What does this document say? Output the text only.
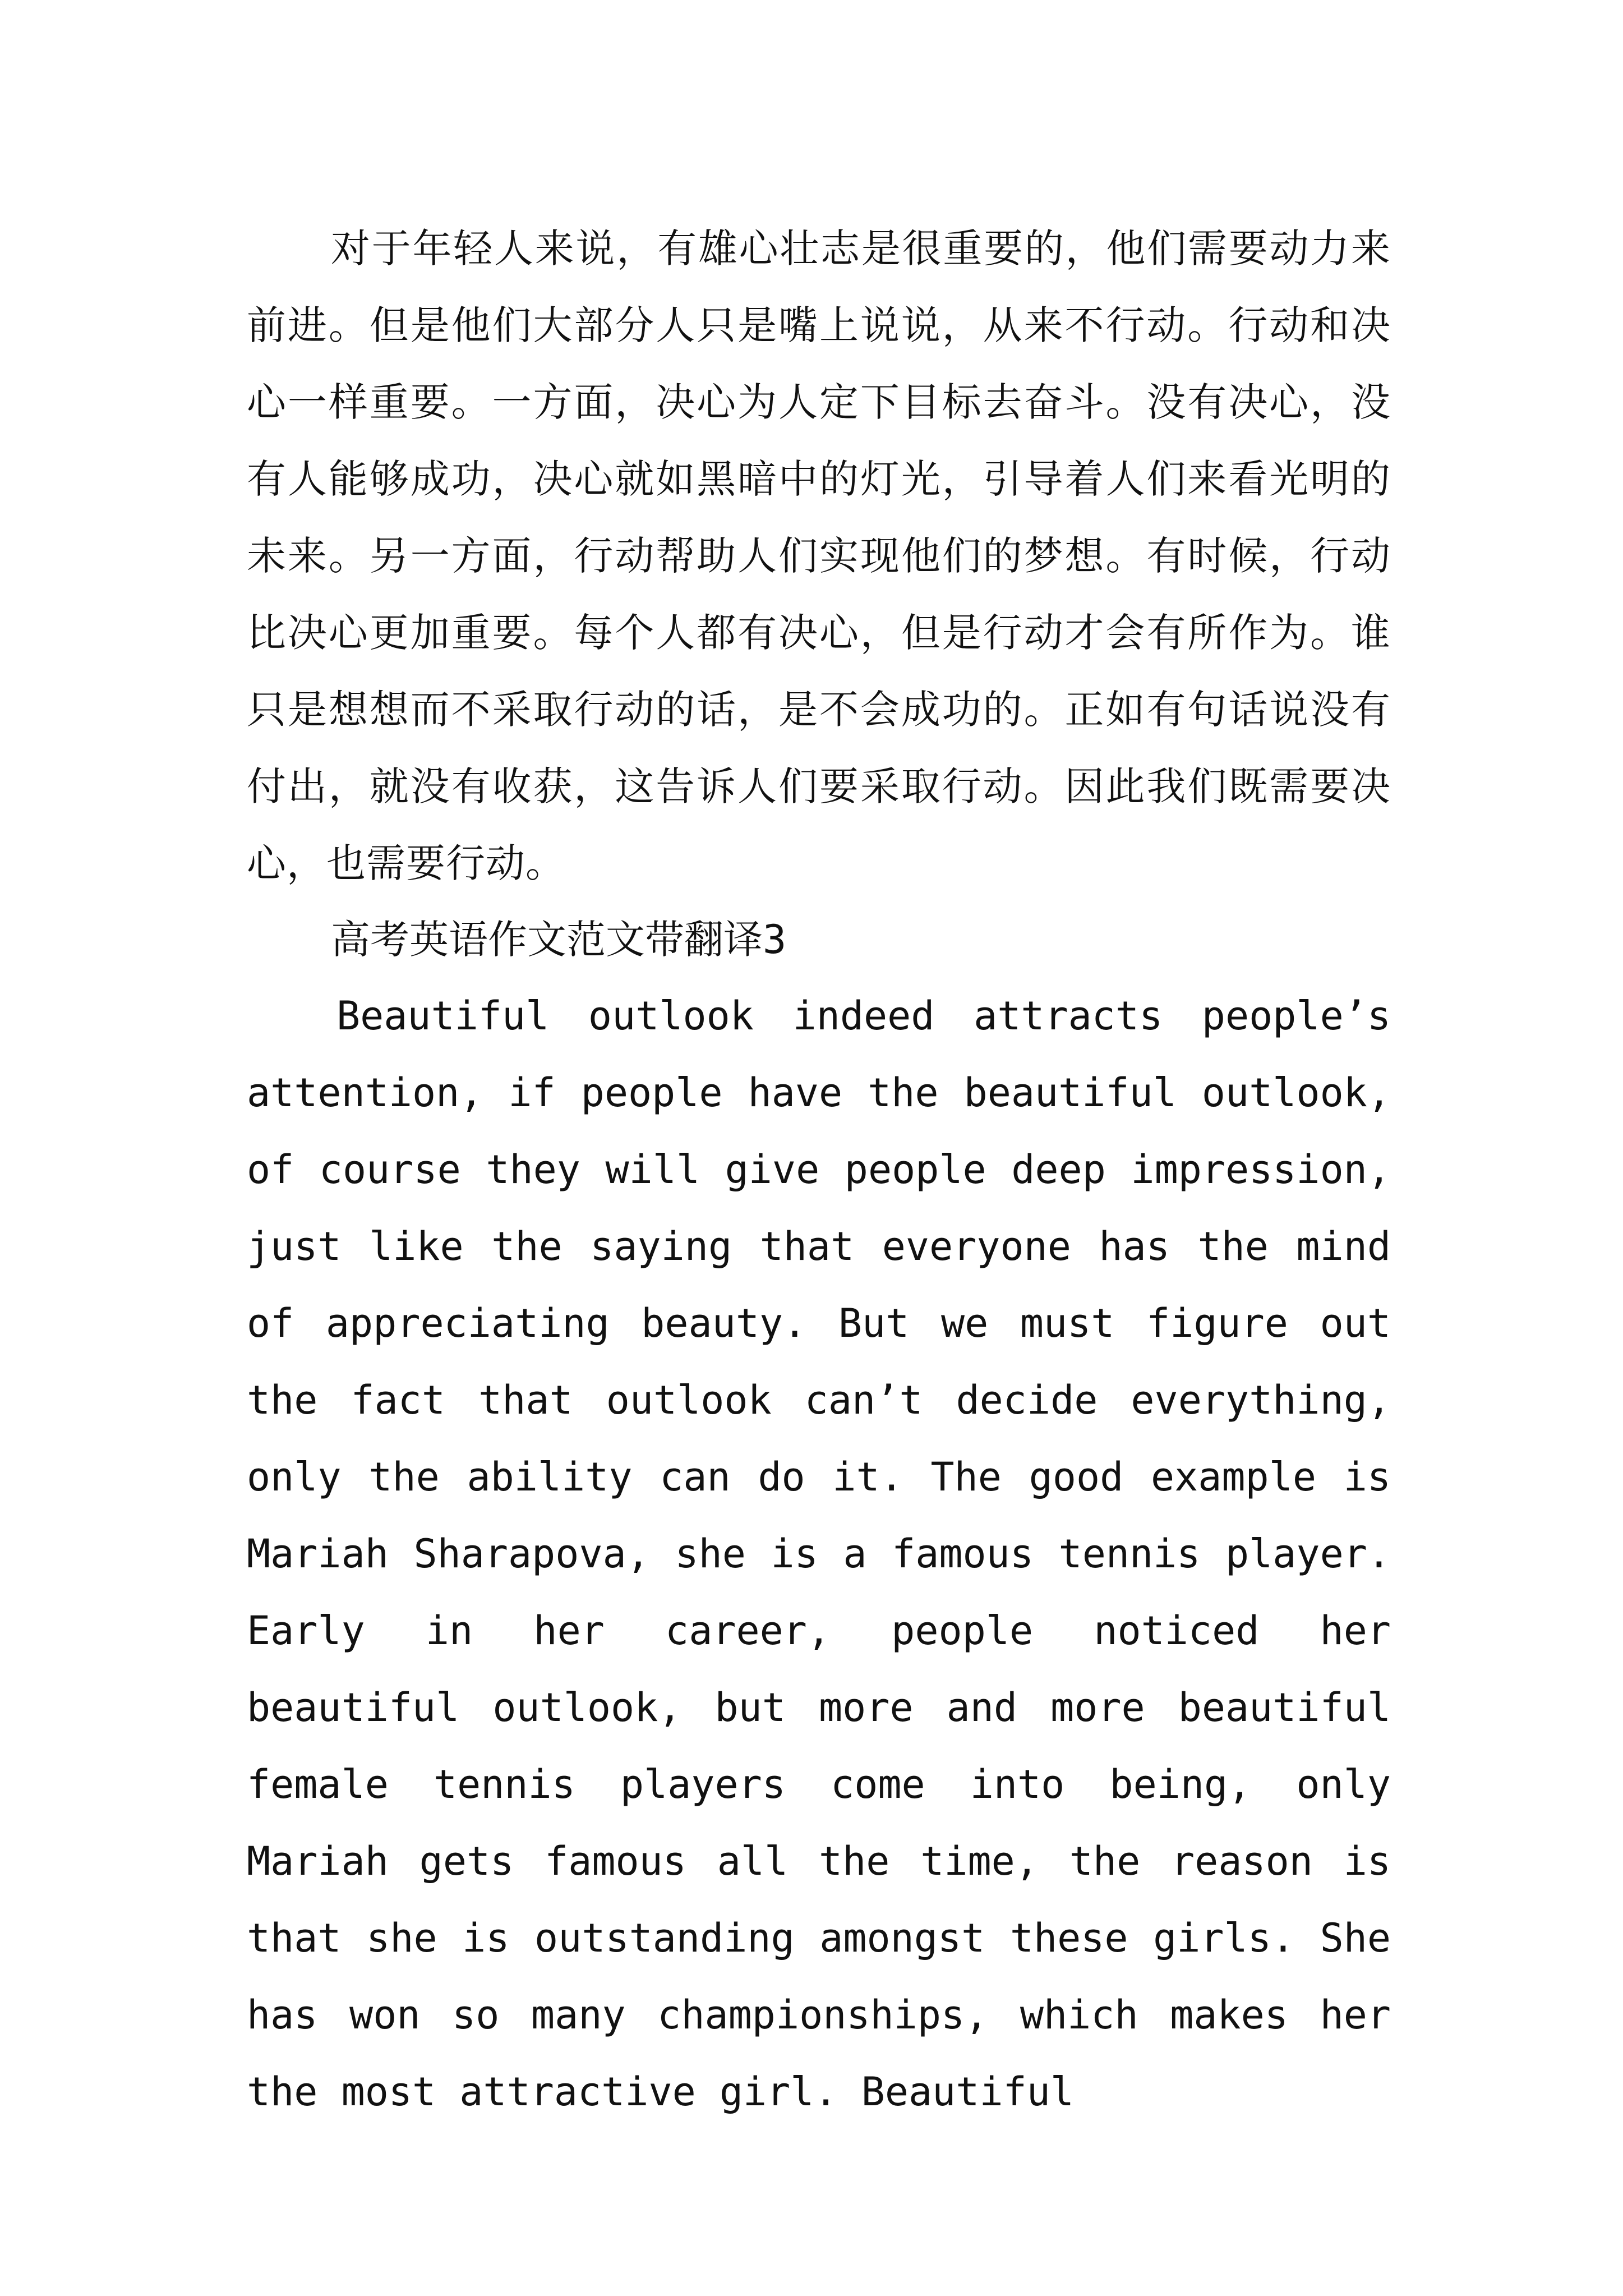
对于年轻人来说，有雄心壮志是很重要的，他们需要动力来前进。但是他们大部分人只是嘴上说说，从来不行动。行动和决心一样重要。一方面，决心为人定下目标去奋斗。没有决心，没有人能够成功，决心就如黑暗中的灯光，引导着人们来看光明的未来。另一方面，行动帮助人们实现他们的梦想。有时候，行动比决心更加重要。每个人都有决心，但是行动才会有所作为。谁只是想想而不采取行动的话，是不会成功的。正如有句话说没有付出，就没有收获，这告诉人们要采取行动。因此我们既需要决心，也需要行动。

高考英语作文范文带翻译3

Beautiful outlook indeed attracts people’s attention, if people have the beautiful outlook, of course they will give people deep impression, just like the saying that everyone has the mind of appreciating beauty. But we must figure out the fact that outlook can’t decide everything, only the ability can do it. The good example is Mariah Sharapova, she is a famous tennis player. Early in her career, people noticed her beautiful outlook, but more and more beautiful female tennis players come into being, only Mariah gets famous all the time, the reason is that she is outstanding amongst these girls. She has won so many championships, which makes her the most attractive girl. Beautiful
